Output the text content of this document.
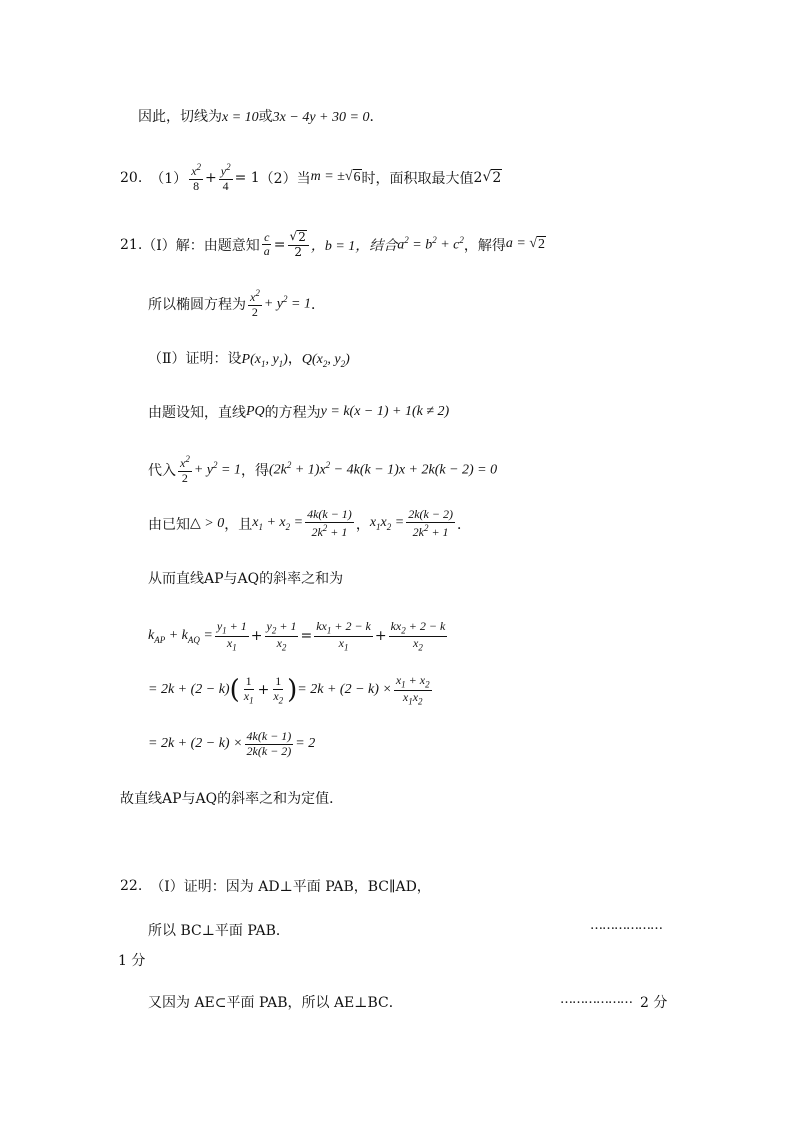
因此，切线为 x = 10或3x − 4y + 30 = 0 ．
20. $(1) \frac{x^2}{8} + \frac{y^2}{4} = 1$ （2）当 m = ± √ 6 时，面积取最大值 2 √ 2
21. （Ⅰ）解：由题意知 $\frac{c}{a} = \frac{√ 2}{2}$ ，b = 1，结合 $a^2 = b^2 + c^2$ ，解得 a = √ 2
所以椭圆方程为 $\frac{x^2}{2} + y^2 = 1$ ．
（Ⅱ）证明：设 $P(x_1$, $y_1$)，$Q(x_2$, $y_2$)
由题设知，直线 PQ 的方程为 y = k(x − 1) + 1(k ≠ 2)
代入 $\frac{x^2}{2} + y^2 = 1$ ，得 $(2k^2 + 1)x^2 - 4k(k - 1)x + 2k(k - 2) = 0$
由已知 △ > 0 ，且 $x_1 + x_2 = \frac{4k(k - 1)}{2k^2 + 1}$ ， $x_1x_2 = \frac{2k(k - 2)}{2k^2 + 1}$ ．
从而直线AP与AQ的斜率之和为
$k_{AP} + k_{AQ} = \frac{y_1 + 1}{x_1} + \frac{y_2 + 1}{x_2} = \frac{kx_1 + 2 - k}{x_1} + \frac{kx_2 + 2 - k}{x_2}$
= 2k + (2 − k) ( $\frac{1}{x_1} + \frac{1}{x_2}$ ) = $2k + (2 - k) \times \frac{x_1 + x_2}{x_1x_2}$
= $2k + (2 - k) \times \frac{4k(k - 1)}{2k(k - 2)} = 2$
故直线AP与AQ的斜率之和为定值．
22. （Ⅰ）证明：因为 AD⊥平面 PAB，BC∥AD，
所以 BC⊥平面 PAB．	………………
1 分
又因为 AE⊂平面 PAB，所以 AE⊥BC．	……………… 2 分
